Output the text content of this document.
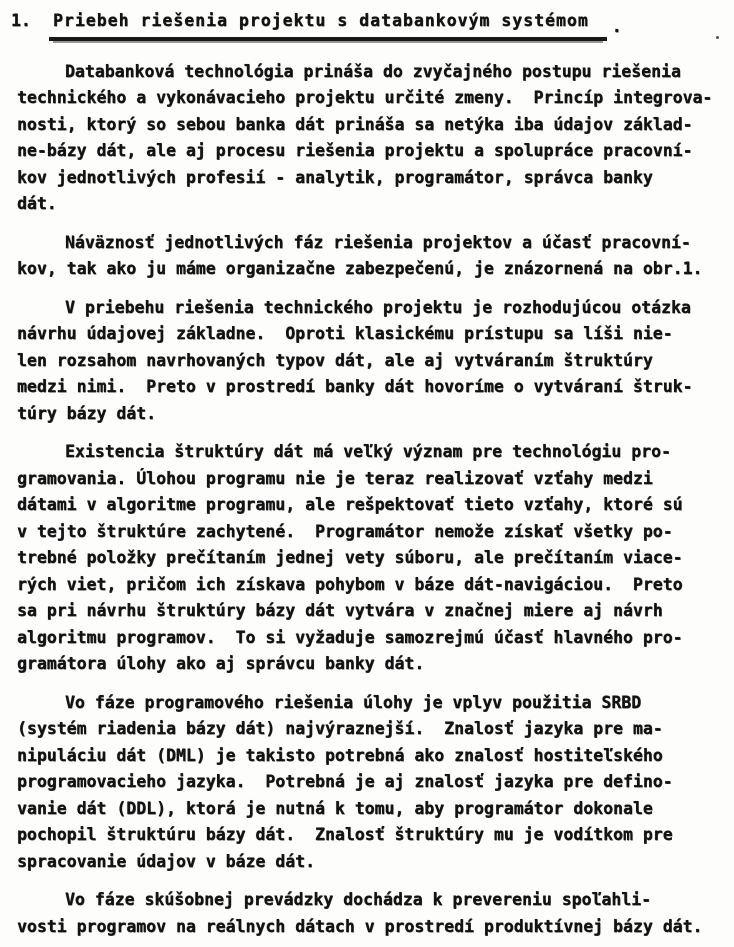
1.	Priebeh riešenia projektu s databankovým systémom	.

Databanková technológia prináša do zvyčajného postupu riešenia
technického a vykonávacieho projektu určité zmeny.  Princíp integrova-
nosti, ktorý so sebou banka dát prináša sa netýka iba údajov základ-
ne-bázy dát, ale aj procesu riešenia projektu a spolupráce pracovní-
kov jednotlivých profesií - analytik, programátor, správca banky
dát.

Náväznosť jednotlivých fáz riešenia projektov a účasť pracovní-
kov, tak ako ju máme organizačne zabezpečenú, je znázornená na obr.1.

V priebehu riešenia technického projektu je rozhodujúcou otázka
návrhu údajovej základne.  Oproti klasickému prístupu sa líši nie-
len rozsahom navrhovaných typov dát, ale aj vytváraním štruktúry
medzi nimi.  Preto v prostredí banky dát hovoríme o vytváraní štruk-
túry bázy dát.

Existencia štruktúry dát má veľký význam pre technológiu pro-
gramovania. Úlohou programu nie je teraz realizovať vzťahy medzi
dátami v algoritme programu, ale rešpektovať tieto vzťahy, ktoré sú
v tejto štruktúre zachytené.  Programátor nemože získať všetky po-
trebné položky prečítaním jednej vety súboru, ale prečítaním viace-
rých viet, pričom ich získava pohybom v báze dát-navigáciou.  Preto
sa pri návrhu štruktúry bázy dát vytvára v značnej miere aj návrh
algoritmu programov.  To si vyžaduje samozrejmú účasť hlavného pro-
gramátora úlohy ako aj správcu banky dát.

Vo fáze programového riešenia úlohy je vplyv použitia SRBD
(systém riadenia bázy dát) najvýraznejší.  Znalosť jazyka pre ma-
nipuláciu dát (DML) je takisto potrebná ako znalosť hostiteľského
programovacieho jazyka.  Potrebná je aj znalosť jazyka pre defino-
vanie dát (DDL), ktorá je nutná k tomu, aby programátor dokonale
pochopil štruktúru bázy dát.  Znalosť štruktúry mu je vodítkom pre
spracovanie údajov v báze dát.

Vo fáze skúšobnej prevádzky dochádza k prevereniu spoľahli-
vosti programov na reálnych dátach v prostredí produktívnej bázy dát.
